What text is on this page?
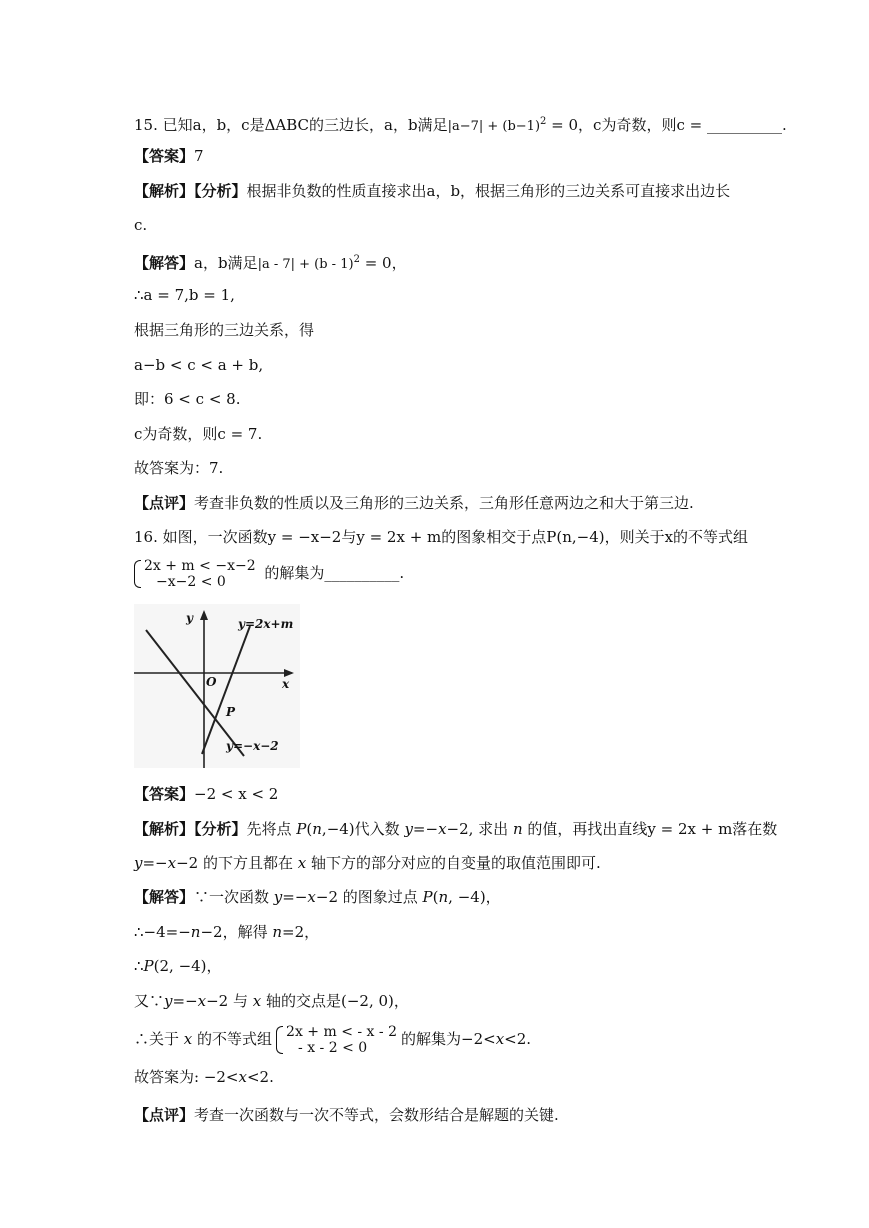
15. 已知a，b，c是ΔABC的三边长，a，b满足$|a-7| + (b-1)^2 = 0$，c为奇数，则c = __________.
【答案】7
【解析】【分析】根据非负数的性质直接求出a，b，根据三角形的三边关系可直接求出边长
c.
【解答】a，b满足|a - 7| + (b - 1)$^2$ = 0，
∴a = 7,b = 1,
根据三角形的三边关系，得
a−b < c < a + b,
即：6 < c < 8.
c为奇数，则c = 7.
故答案为：7.
【点评】考查非负数的性质以及三角形的三边关系，三角形任意两边之和大于第三边.
16. 如图，一次函数y = −x−2与y = 2x + m的图象相交于点P(n,−4)，则关于x的不等式组
2x + m < −x−2
−x−2 < 0	的解集为__________.
y
x
O
P
y=2x+m
y=−x−2
【答案】−2 < x < 2
【解析】【分析】先将点 P(n,−4)代入数 y=−x−2, 求出 n 的值，再找出直线y = 2x + m落在数
y=−x−2 的下方且都在 x 轴下方的部分对应的自变量的取值范围即可.
【解答】∵一次函数 y=−x−2 的图象过点 P(n, −4)，
∴−4=−n−2，解得 n=2，
∴P(2, −4)，
又∵y=−x−2 与 x 轴的交点是(−2, 0)，
∴关于 x 的不等式组 2x + m < - x - 2
- x - 2 < 0	的解集为−2<x<2.
故答案为: −2<x<2.
【点评】考查一次函数与一次不等式，会数形结合是解题的关键.
